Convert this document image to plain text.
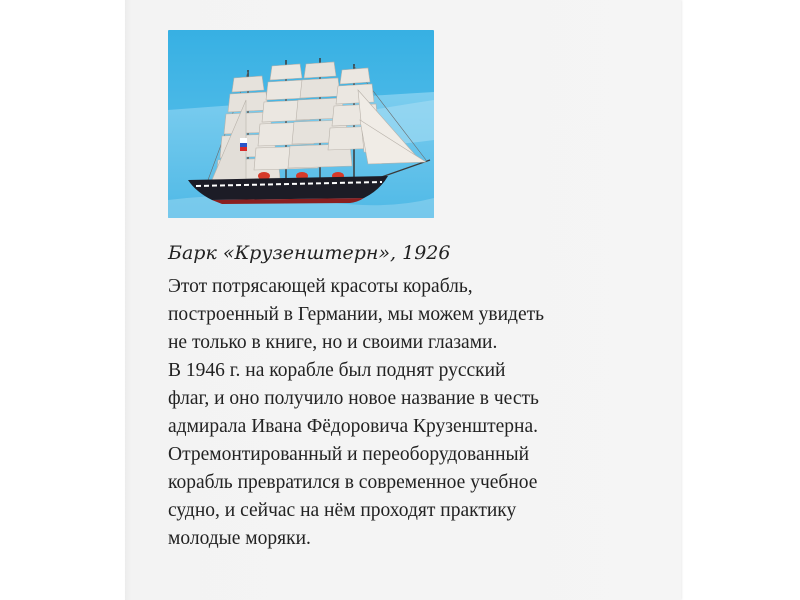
Барк «Крузенштерн», 1926

Этот потрясающей красоты корабль,
построенный в Германии, мы можем увидеть
не только в книге, но и своими глазами.
В 1946 г. на корабле был поднят русский
флаг, и оно получило новое название в честь
адмирала Ивана Фёдоровича Крузенштерна.
Отремонтированный и переоборудованный
корабль превратился в современное учебное
судно, и сейчас на нём проходят практику
молодые моряки.
